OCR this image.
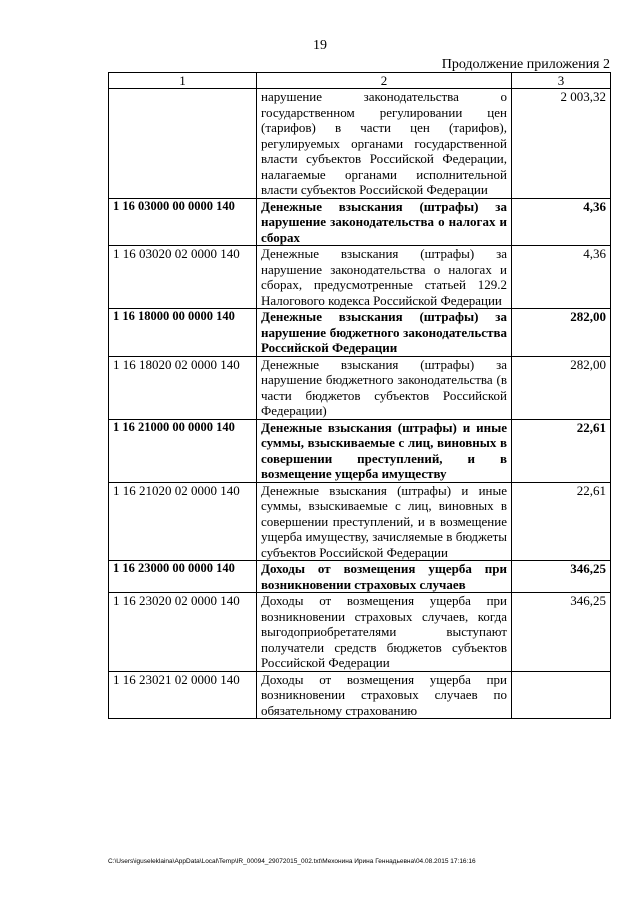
19
Продолжение приложения 2
1	2	3
	нарушение законодательства о государственном регулировании цен (тарифов) в части цен (тарифов), регулируемых органами государственной власти субъектов Российской Федерации, налагаемые органами исполнительной власти субъектов Российской Федерации	2 003,32
1 16 03000 00 0000 140	Денежные взыскания (штрафы) за нарушение законодательства о налогах и сборах	4,36
1 16 03020 02 0000 140	Денежные взыскания (штрафы) за нарушение законодательства о налогах и сборах, предусмотренные статьей 129.2 Налогового кодекса Российской Федерации	4,36
1 16 18000 00 0000 140	Денежные взыскания (штрафы) за нарушение бюджетного законодательства Российской Федерации	282,00
1 16 18020 02 0000 140	Денежные взыскания (штрафы) за нарушение бюджетного законодательства (в части бюджетов субъектов Российской Федерации)	282,00
1 16 21000 00 0000 140	Денежные взыскания (штрафы) и иные суммы, взыскиваемые с лиц, виновных в совершении преступлений, и в возмещение ущерба имуществу	22,61
1 16 21020 02 0000 140	Денежные взыскания (штрафы) и иные суммы, взыскиваемые с лиц, виновных в совершении преступлений, и в возмещение ущерба имуществу, зачисляемые в бюджеты субъектов Российской Федерации	22,61
1 16 23000 00 0000 140	Доходы от возмещения ущерба при возникновении страховых случаев	346,25
1 16 23020 02 0000 140	Доходы от возмещения ущерба при возникновении страховых случаев, когда выгодоприобретателями выступают получатели средств бюджетов субъектов Российской Федерации	346,25
1 16 23021 02 0000 140	Доходы от возмещения ущерба при возникновении страховых случаев по обязательному страхованию	
C:\Users\iguseleklaina\AppData\Local\Temp\IR_00094_29072015_002.txt\Мехонина Ирина Геннадьевна\04.08.2015 17:16:16
